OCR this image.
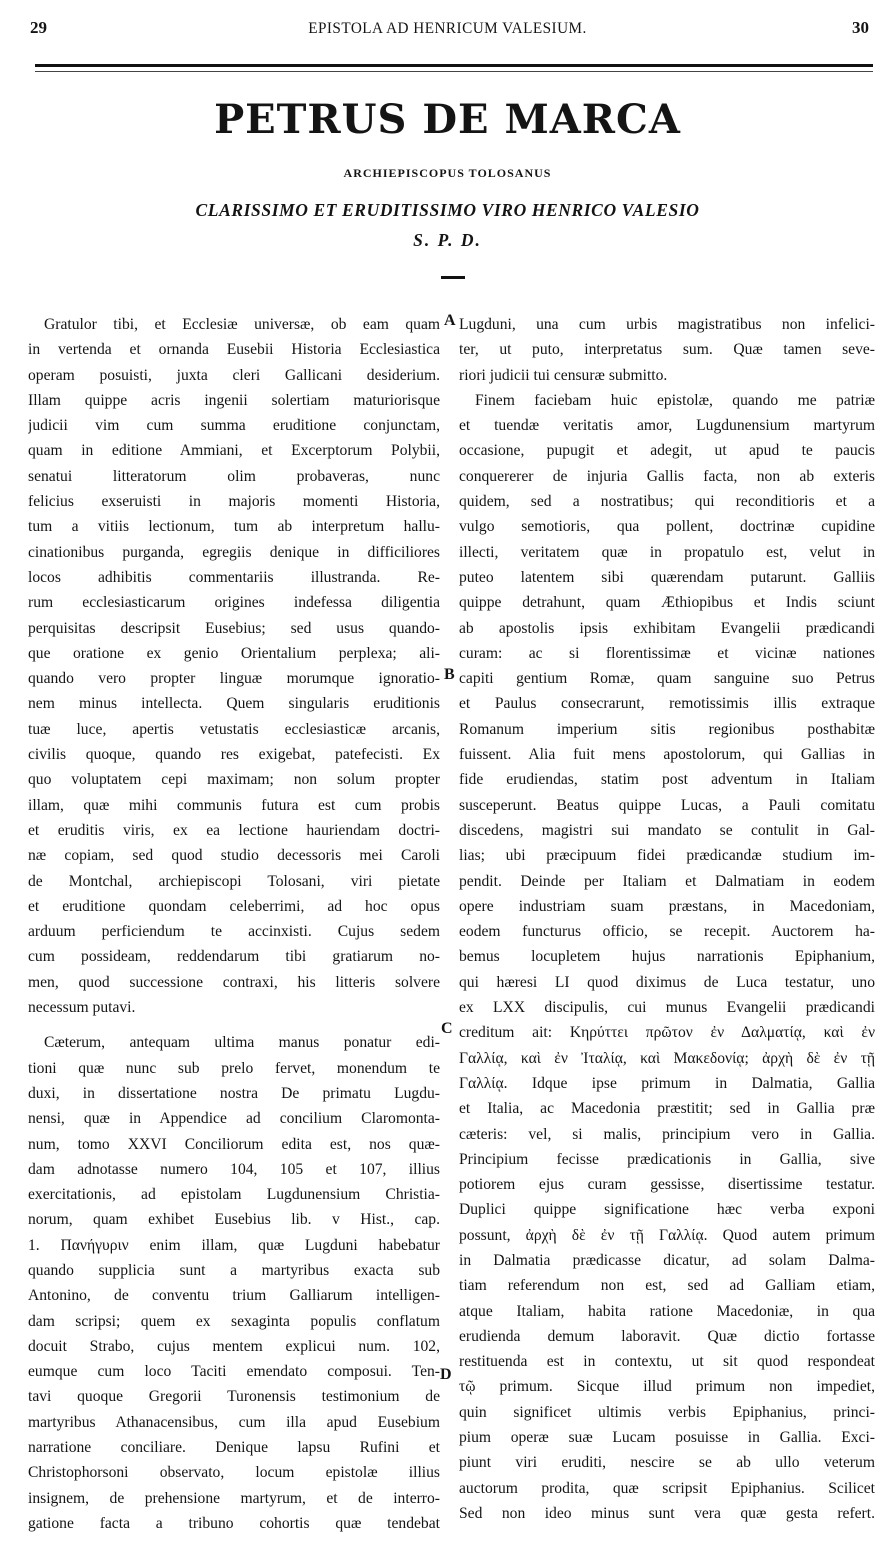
29	EPISTOLA AD HENRICUM VALESIUM.	30
PETRUS DE MARCA
ARCHIEPISCOPUS TOLOSANUS
CLARISSIMO ET ERUDITISSIMO VIRO HENRICO VALESIO
S. P. D.
Gratulor tibi, et Ecclesiæ universæ, ob eam quam
in vertenda et ornanda Eusebii Historia Ecclesiastica
operam posuisti, juxta cleri Gallicani desiderium.
Illam quippe acris ingenii solertiam maturiorisque
judicii vim cum summa eruditione conjunctam,
quam in editione Ammiani, et Excerptorum Polybii,
senatui litteratorum olim probaveras, nunc
felicius exseruisti in majoris momenti Historia,
tum a vitiis lectionum, tum ab interpretum hallu-
cinationibus purganda, egregiis denique in difficiliores
locos adhibitis commentariis illustranda. Re-
rum ecclesiasticarum origines indefessa diligentia
perquisitas descripsit Eusebius; sed usus quando-
que oratione ex genio Orientalium perplexa; ali-
quando vero propter linguæ morumque ignoratio-
nem minus intellecta. Quem singularis eruditionis
tuæ luce, apertis vetustatis ecclesiasticæ arcanis,
civilis quoque, quando res exigebat, patefecisti. Ex
quo voluptatem cepi maximam; non solum propter
illam, quæ mihi communis futura est cum probis
et eruditis viris, ex ea lectione hauriendam doctri-
næ copiam, sed quod studio decessoris mei Caroli
de Montchal, archiepiscopi Tolosani, viri pietate
et eruditione quondam celeberrimi, ad hoc opus
arduum perficiendum te accinxisti. Cujus sedem
cum possideam, reddendarum tibi gratiarum no-
men, quod successione contraxi, his litteris solvere
necessum putavi.
Cæterum, antequam ultima manus ponatur edi-
tioni quæ nunc sub prelo fervet, monendum te
duxi, in dissertatione nostra De primatu Lugdu-
nensi, quæ in Appendice ad concilium Claromonta-
num, tomo XXVI Conciliorum edita est, nos quæ-
dam adnotasse numero 104, 105 et 107, illius
exercitationis, ad epistolam Lugdunensium Christia-
norum, quam exhibet Eusebius lib. v Hist., cap.
1. Πανήγυριν enim illam, quæ Lugduni habebatur
quando supplicia sunt a martyribus exacta sub
Antonino, de conventu trium Galliarum intelligen-
dam scripsi; quem ex sexaginta populis conflatum
docuit Strabo, cujus mentem explicui num. 102,
eumque cum loco Taciti emendato composui. Ten-
tavi quoque Gregorii Turonensis testimonium de
martyribus Athanacensibus, cum illa apud Eusebium
narratione conciliare. Denique lapsu Rufini et
Christophorsoni observato, locum epistolæ illius
insignem, de prehensione martyrum, et de interro-
gatione facta a tribuno cohortis quæ tendebat
Lugduni, una cum urbis magistratibus non infelici-
ter, ut puto, interpretatus sum. Quæ tamen seve-
riori judicii tui censuræ submitto.
Finem faciebam huic epistolæ, quando me patriæ
et tuendæ veritatis amor, Lugdunensium martyrum
occasione, pupugit et adegit, ut apud te paucis
conquererer de injuria Gallis facta, non ab exteris
quidem, sed a nostratibus; qui reconditioris et a
vulgo semotioris, qua pollent, doctrinæ cupidine
illecti, veritatem quæ in propatulo est, velut in
puteo latentem sibi quærendam putarunt. Galliis
quippe detrahunt, quam Æthiopibus et Indis sciunt
ab apostolis ipsis exhibitam Evangelii prædicandi
curam: ac si florentissimæ et vicinæ nationes
capiti gentium Romæ, quam sanguine suo Petrus
et Paulus consecrarunt, remotissimis illis extraque
Romanum imperium sitis regionibus posthabitæ
fuissent. Alia fuit mens apostolorum, qui Gallias in
fide erudiendas, statim post adventum in Italiam
susceperunt. Beatus quippe Lucas, a Pauli comitatu
discedens, magistri sui mandato se contulit in Gal-
lias; ubi præcipuum fidei prædicandæ studium im-
pendit. Deinde per Italiam et Dalmatiam in eodem
opere industriam suam præstans, in Macedoniam,
eodem functurus officio, se recepit. Auctorem ha-
bemus locupletem hujus narrationis Epiphanium,
qui hæresi LI quod diximus de Luca testatur, uno
ex LXX discipulis, cui munus Evangelii prædicandi
creditum ait: Κηρύττει πρῶτον ἐν Δαλματίᾳ, καὶ ἐν
Γαλλίᾳ, καὶ ἐν Ἰταλίᾳ, καὶ Μακεδονίᾳ; ἀρχὴ δὲ ἐν τῇ
Γαλλίᾳ. Idque ipse primum in Dalmatia, Gallia
et Italia, ac Macedonia præstitit; sed in Gallia præ
cæteris: vel, si malis, principium vero in Gallia.
Principium fecisse prædicationis in Gallia, sive
potiorem ejus curam gessisse, disertissime testatur.
Duplici quippe significatione hæc verba exponi
possunt, ἀρχὴ δὲ ἐν τῇ Γαλλίᾳ. Quod autem primum
in Dalmatia prædicasse dicatur, ad solam Dalma-
tiam referendum non est, sed ad Galliam etiam,
atque Italiam, habita ratione Macedoniæ, in qua
erudienda demum laboravit. Quæ dictio fortasse
restituenda est in contextu, ut sit quod respondeat
τῷ primum. Sicque illud primum non impediet,
quin significet ultimis verbis Epiphanius, princi-
pium operæ suæ Lucam posuisse in Gallia. Exci-
piunt viri eruditi, nescire se ab ullo veterum
auctorum prodita, quæ scripsit Epiphanius. Scilicet
Sed non ideo minus sunt vera quæ gesta refert.
A
B
C
D
